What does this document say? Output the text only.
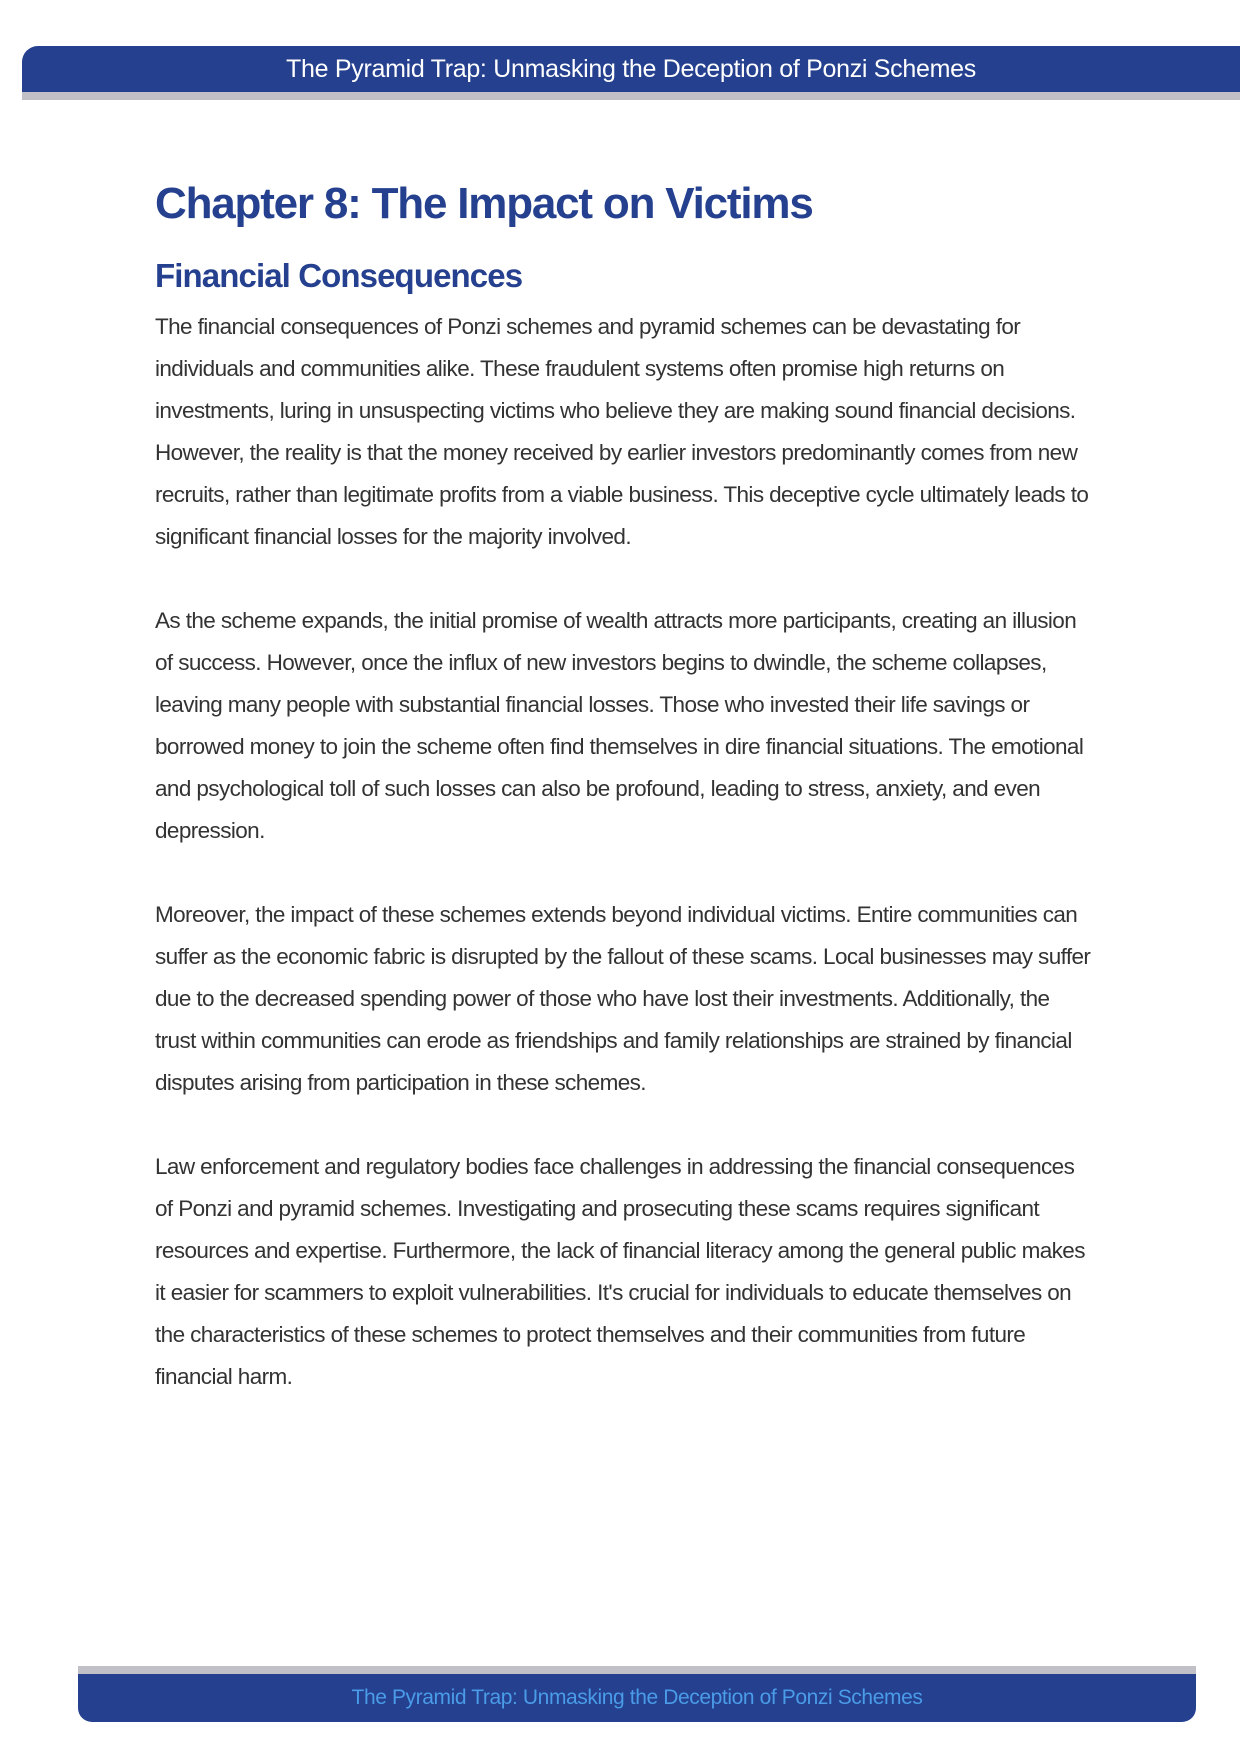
The Pyramid Trap: Unmasking the Deception of Ponzi Schemes
Chapter 8: The Impact on Victims
Financial Consequences

The financial consequences of Ponzi schemes and pyramid schemes can be devastating for individuals and communities alike. These fraudulent systems often promise high returns on investments, luring in unsuspecting victims who believe they are making sound financial decisions. However, the reality is that the money received by earlier investors predominantly comes from new recruits, rather than legitimate profits from a viable business. This deceptive cycle ultimately leads to significant financial losses for the majority involved.

As the scheme expands, the initial promise of wealth attracts more participants, creating an illusion of success. However, once the influx of new investors begins to dwindle, the scheme collapses, leaving many people with substantial financial losses. Those who invested their life savings or borrowed money to join the scheme often find themselves in dire financial situations. The emotional and psychological toll of such losses can also be profound, leading to stress, anxiety, and even depression.

Moreover, the impact of these schemes extends beyond individual victims. Entire communities can suffer as the economic fabric is disrupted by the fallout of these scams. Local businesses may suffer due to the decreased spending power of those who have lost their investments. Additionally, the trust within communities can erode as friendships and family relationships are strained by financial disputes arising from participation in these schemes.

Law enforcement and regulatory bodies face challenges in addressing the financial consequences of Ponzi and pyramid schemes. Investigating and prosecuting these scams requires significant resources and expertise. Furthermore, the lack of financial literacy among the general public makes it easier for scammers to exploit vulnerabilities. It's crucial for individuals to educate themselves on the characteristics of these schemes to protect themselves and their communities from future financial harm.

The Pyramid Trap: Unmasking the Deception of Ponzi Schemes
